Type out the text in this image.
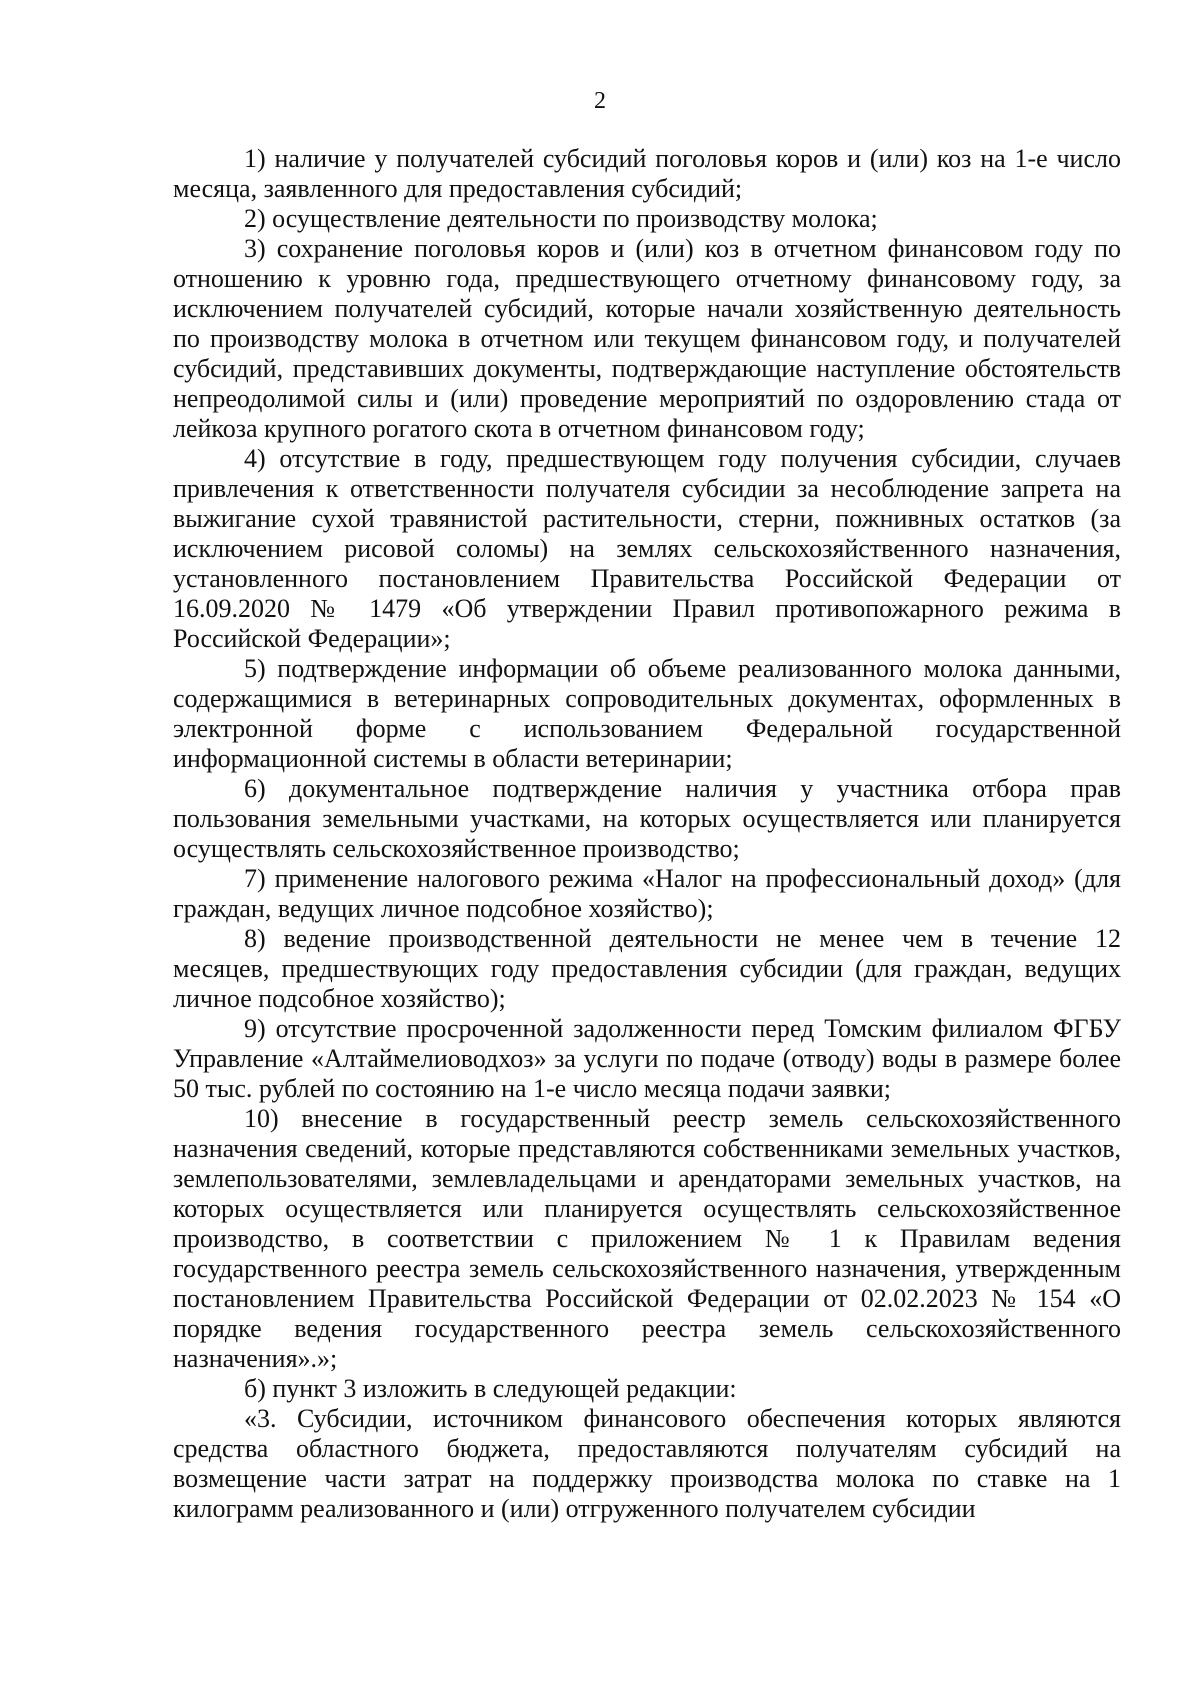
2

1) наличие у получателей субсидий поголовья коров и (или) коз на 1-е число месяца, заявленного для предоставления субсидий;

2) осуществление деятельности по производству молока;

3) сохранение поголовья коров и (или) коз в отчетном финансовом году по отношению к уровню года, предшествующего отчетному финансовому году, за исключением получателей субсидий, которые начали хозяйственную деятельность по производству молока в отчетном или текущем финансовом году, и получателей субсидий, представивших документы, подтверждающие наступление обстоятельств непреодолимой силы и (или) проведение мероприятий по оздоровлению стада от лейкоза крупного рогатого скота в отчетном финансовом году;

4) отсутствие в году, предшествующем году получения субсидии, случаев привлечения к ответственности получателя субсидии за несоблюдение запрета на выжигание сухой травянистой растительности, стерни, пожнивных остатков (за исключением рисовой соломы) на землях сельскохозяйственного назначения, установленного постановлением Правительства Российской Федерации от 16.09.2020 № 1479 «Об утверждении Правил противопожарного режима в Российской Федерации»;

5) подтверждение информации об объеме реализованного молока данными, содержащимися в ветеринарных сопроводительных документах, оформленных в электронной форме с использованием Федеральной государственной информационной системы в области ветеринарии;

6) документальное подтверждение наличия у участника отбора прав пользования земельными участками, на которых осуществляется или планируется осуществлять сельскохозяйственное производство;

7) применение налогового режима «Налог на профессиональный доход» (для граждан, ведущих личное подсобное хозяйство);

8) ведение производственной деятельности не менее чем в течение 12 месяцев, предшествующих году предоставления субсидии (для граждан, ведущих личное подсобное хозяйство);

9) отсутствие просроченной задолженности перед Томским филиалом ФГБУ Управление «Алтаймелиоводхоз» за услуги по подаче (отводу) воды в размере более 50 тыс. рублей по состоянию на 1-е число месяца подачи заявки;

10) внесение в государственный реестр земель сельскохозяйственного назначения сведений, которые представляются собственниками земельных участков, землепользователями, землевладельцами и арендаторами земельных участков, на которых осуществляется или планируется осуществлять сельскохозяйственное производство, в соответствии с приложением № 1 к Правилам ведения государственного реестра земель сельскохозяйственного назначения, утвержденным постановлением Правительства Российской Федерации от 02.02.2023 № 154 «О порядке ведения государственного реестра земель сельскохозяйственного назначения».»;

б) пункт 3 изложить в следующей редакции:

«3. Субсидии, источником финансового обеспечения которых являются средства областного бюджета, предоставляются получателям субсидий на возмещение части затрат на поддержку производства молока по ставке на 1 килограмм реализованного и (или) отгруженного получателем субсидии
